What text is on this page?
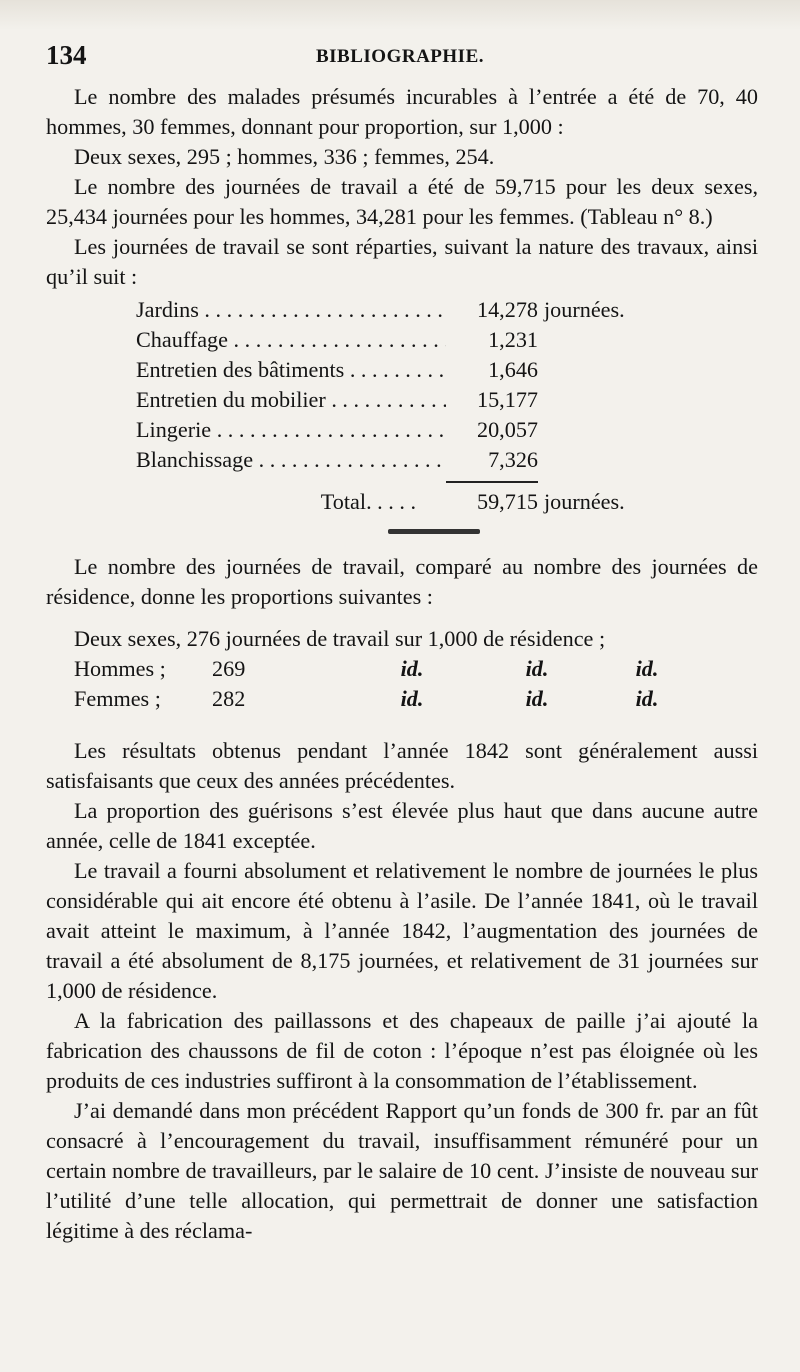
134	BIBLIOGRAPHIE.

Le nombre des malades présumés incurables à l’entrée a été de 70, 40 hommes, 30 femmes, donnant pour proportion, sur 1,000 :

Deux sexes, 295 ; hommes, 336 ; femmes, 254.

Le nombre des journées de travail a été de 59,715 pour les deux sexes, 25,434 journées pour les hommes, 34,281 pour les femmes. (Tableau n° 8.)

Les journées de travail se sont réparties, suivant la nature des travaux, ainsi qu’il suit :

Jardins . . .	14,278 journées.
Chauffage . . .	1,231
Entretien des bâtiments . . .	1,646
Entretien du mobilier . . .	15,177
Lingerie . . .	20,057
Blanchissage . . .	7,326
Total. . . . .	59,715 journées.

Le nombre des journées de travail, comparé au nombre des journées de résidence, donne les proportions suivantes :

Deux sexes, 276 journées de travail sur 1,000 de résidence ;
Hommes ;	269	id.	id.	id.
Femmes ;	282	id.	id.	id.

Les résultats obtenus pendant l’année 1842 sont généralement aussi satisfaisants que ceux des années précédentes.

La proportion des guérisons s’est élevée plus haut que dans aucune autre année, celle de 1841 exceptée.

Le travail a fourni absolument et relativement le nombre de journées le plus considérable qui ait encore été obtenu à l’asile. De l’année 1841, où le travail avait atteint le maximum, à l’année 1842, l’augmentation des journées de travail a été absolument de 8,175 journées, et relativement de 31 journées sur 1,000 de résidence.

A la fabrication des paillassons et des chapeaux de paille j’ai ajouté la fabrication des chaussons de fil de coton : l’époque n’est pas éloignée où les produits de ces industries suffiront à la consommation de l’établissement.

J’ai demandé dans mon précédent Rapport qu’un fonds de 300 fr. par an fût consacré à l’encouragement du travail, insuffisamment rémunéré pour un certain nombre de travailleurs, par le salaire de 10 cent. J’insiste de nouveau sur l’utilité d’une telle allocation, qui permettrait de donner une satisfaction légitime à des réclama-
